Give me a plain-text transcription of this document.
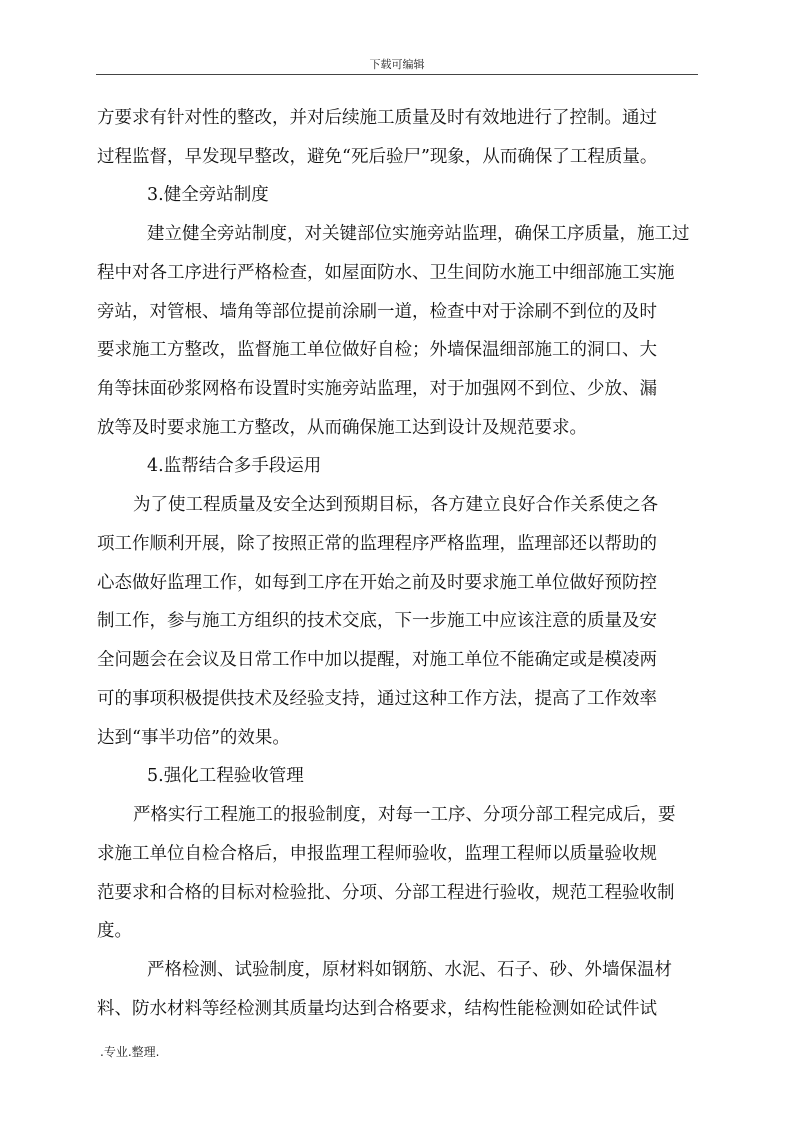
下载可编辑
方要求有针对性的整改，并对后续施工质量及时有效地进行了控制。通过
过程监督，早发现早整改，避免“死后验尸”现象，从而确保了工程质量。
3.健全旁站制度
建立健全旁站制度，对关键部位实施旁站监理，确保工序质量，施工过
程中对各工序进行严格检查，如屋面防水、卫生间防水施工中细部施工实施
旁站，对管根、墙角等部位提前涂刷一道，检查中对于涂刷不到位的及时
要求施工方整改，监督施工单位做好自检；外墙保温细部施工的洞口、大
角等抹面砂浆网格布设置时实施旁站监理，对于加强网不到位、少放、漏
放等及时要求施工方整改，从而确保施工达到设计及规范要求。
4.监帮结合多手段运用
为了使工程质量及安全达到预期目标，各方建立良好合作关系使之各
项工作顺利开展，除了按照正常的监理程序严格监理，监理部还以帮助的
心态做好监理工作，如每到工序在开始之前及时要求施工单位做好预防控
制工作，参与施工方组织的技术交底，下一步施工中应该注意的质量及安
全问题会在会议及日常工作中加以提醒，对施工单位不能确定或是模凌两
可的事项积极提供技术及经验支持，通过这种工作方法，提高了工作效率
达到“事半功倍”的效果。
5.强化工程验收管理
严格实行工程施工的报验制度，对每一工序、分项分部工程完成后，要
求施工单位自检合格后，申报监理工程师验收，监理工程师以质量验收规
范要求和合格的目标对检验批、分项、分部工程进行验收，规范工程验收制
度。
严格检测、试验制度，原材料如钢筋、水泥、石子、砂、外墙保温材
料、防水材料等经检测其质量均达到合格要求，结构性能检测如砼试件试
.专业.整理.
